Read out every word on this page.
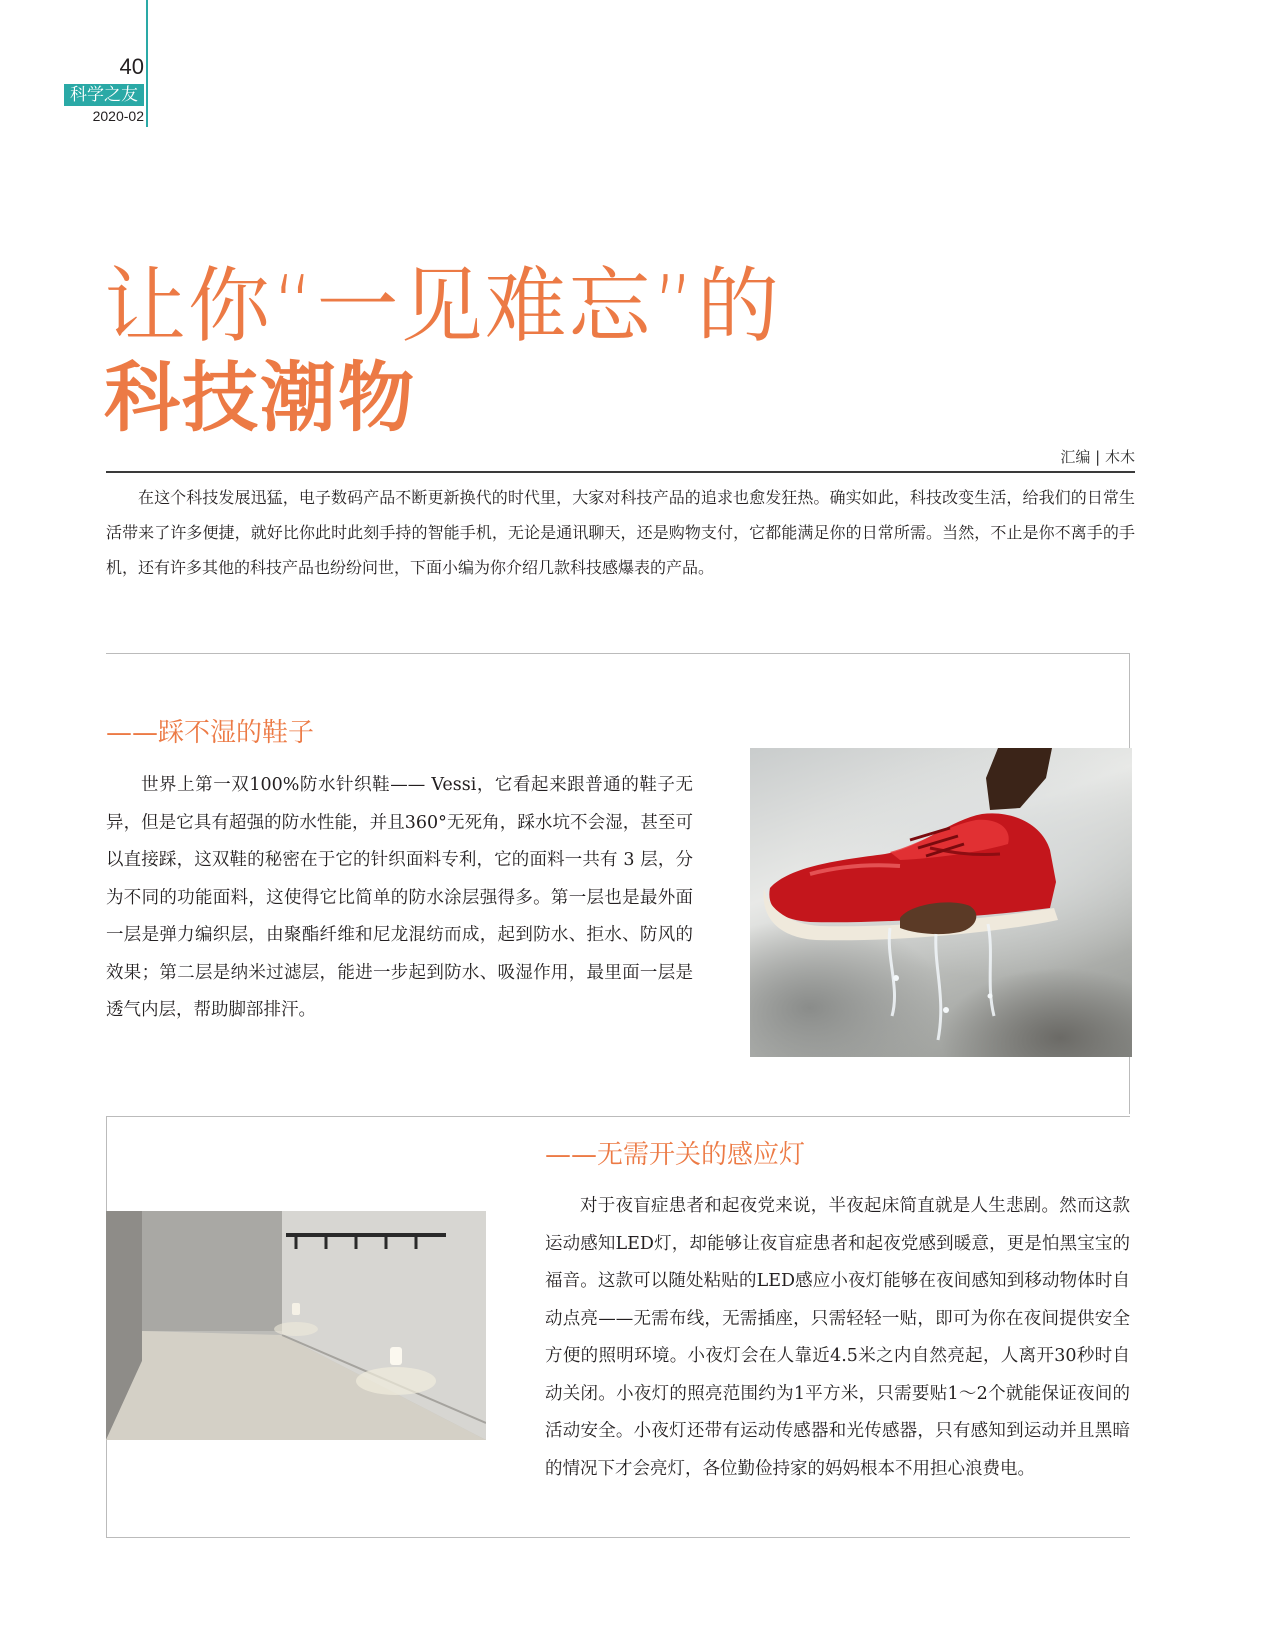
40
科学之友
2020-02
让你“一见难忘”的
科技潮物
汇编 | 木木

在这个科技发展迅猛，电子数码产品不断更新换代的时代里，大家对科技产品的追求也愈发狂热。确实如此，科技改变生活，给我们的日常生活带来了许多便捷，就好比你此时此刻手持的智能手机，无论是通讯聊天，还是购物支付，它都能满足你的日常所需。当然，不止是你不离手的手机，还有许多其他的科技产品也纷纷问世，下面小编为你介绍几款科技感爆表的产品。

——踩不湿的鞋子

世界上第一双100%防水针织鞋—— Vessi，它看起来跟普通的鞋子无异，但是它具有超强的防水性能，并且360°无死角，踩水坑不会湿，甚至可以直接踩，这双鞋的秘密在于它的针织面料专利，它的面料一共有 3 层，分为不同的功能面料，这使得它比简单的防水涂层强得多。第一层也是最外面一层是弹力编织层，由聚酯纤维和尼龙混纺而成，起到防水、拒水、防风的效果；第二层是纳米过滤层，能进一步起到防水、吸湿作用，最里面一层是透气内层，帮助脚部排汗。

——无需开关的感应灯

对于夜盲症患者和起夜党来说，半夜起床简直就是人生悲剧。然而这款运动感知LED灯，却能够让夜盲症患者和起夜党感到暖意，更是怕黑宝宝的福音。这款可以随处粘贴的LED感应小夜灯能够在夜间感知到移动物体时自动点亮——无需布线，无需插座，只需轻轻一贴，即可为你在夜间提供安全方便的照明环境。小夜灯会在人靠近4.5米之内自然亮起，人离开30秒时自动关闭。小夜灯的照亮范围约为1平方米，只需要贴1～2个就能保证夜间的活动安全。小夜灯还带有运动传感器和光传感器，只有感知到运动并且黑暗的情况下才会亮灯，各位勤俭持家的妈妈根本不用担心浪费电。
